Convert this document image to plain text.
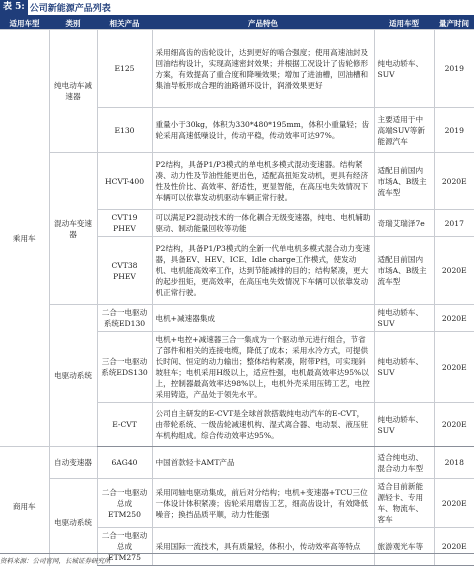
表 5: 公司新能源产品列表
适用车型	类别	相关产品	产品特色	适用车型	量产时间
乘用车	纯电动车减速器	E125	采用细高齿的齿轮设计，达到更好的啮合强度；使用高速油封及回油结构设计，实现高速密封效果；并根据工况设计了齿轮修形方案，有效提高了重合度和降噪效果；增加了进油槽，回油槽和集油导板形成合理的油路循环设计，润滑效果更好	纯电动轿车、SUV	2019
		E130	重量小于30kg，体积为330*480*195mm，体积小重量轻；齿轮采用高速低噪设计，传动平稳，传动效率可达97%。	主要适用于中高端SUV等新能源汽车	2019
	混动车变速器	HCVT-400	P2结构，具备P1/P3模式的单电机多模式混动变速器。结构紧凑、动力性及节油性能更出色，适配高扭矩发动机，更具有经济性及性价比、高效率、舒适性，更显智能，在高压电失效情况下车辆可以依靠发动机驱动车辆正常行驶。	适配目前国内市场A、B级主流车型	2020E
		CVT19 PHEV	可以满足P2混动技术的一体化耦合无级变速器，纯电、电机辅助驱动、制动能量回收等功能	奇瑞艾瑞泽7e	2017
		CVT38 PHEV	P2结构，具备P1/P3模式的全新一代单电机多模式混合动力变速器，具备EV、HEV、ICE、Idle charge工作模式，使发动机、电机能高效率工作，达到节能减排的目的；结构紧凑，更大的起步扭矩，更高效率，在高压电失效情况下车辆可以依靠发动机正常行驶。	适配目前国内市场A、B级主流车型	2020E
	电驱动系统	二合一电驱动系统ED130	电机+减速器集成	纯电动轿车、SUV	2020E
		三合一电驱动系统EDS130	电机+电控+减速器三合一集成为一个驱动单元进行组合，节省了部件和相关的连接电缆，降低了成本；采用水冷方式，可提供长时间、恒定的动力输出；整体结构紧凑，附带P档，可实现斜坡驻车；电机采用H级以上，适应性强，电机最高效率达95%以上，控制器最高效率达98%以上，电机外壳采用压铸工艺，电控采用铸造，产品处于领先水平。	纯电动轿车、SUV	2020E
		E-CVT	公司自主研发的E-CVT是全球首款搭载纯电动汽车的E-CVT，由带轮系统、一级齿轮减速机构、湿式离合器、电动泵、液压驻车机构组成。综合传动效率达95%。	纯电动轿车、SUV	2020E
商用车	自动变速器	6AG40	中国首款轻卡AMT产品	适合纯电动、混合动力车型	2018
	电驱动系统	二合一电驱动总成ETM250	采用同轴电驱动集成，前后对分结构；电机+变速器+TCU三位一体设计体积紧凑；齿轮采用磨齿工艺，细高齿设计，有效降低噪音；换挡品质平顺，动力性能强	适合目前新能源轻卡、专用车、物流车、客车	2020E
		二合一电驱动总成ETM275	采用国际一流技术，具有质量轻，体积小，传动效率高等特点	旅游观光车等	2020E
资料来源：公司官网，长城证券研究所
